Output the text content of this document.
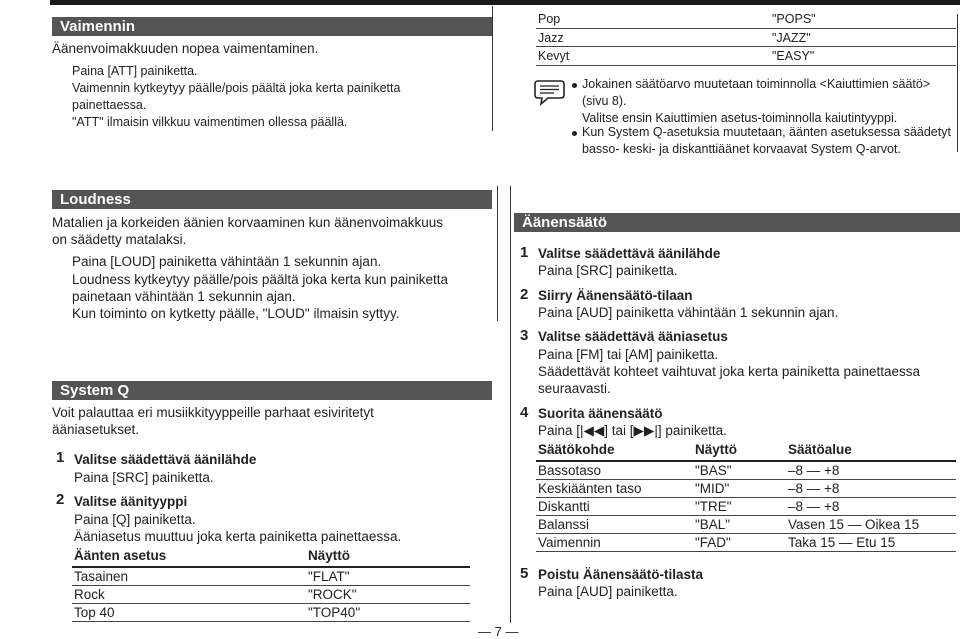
Vaimennin
Äänenvoimakkuuden nopea vaimentaminen.
Paina [ATT] painiketta.
Vaimennin kytkeytyy päälle/pois päältä joka kerta painiketta
painettaessa.
"ATT" ilmaisin vilkkuu vaimentimen ollessa päällä.
Pop	"POPS"
Jazz	"JAZZ"
Kevyt	"EASY"
Jokainen säätöarvo muutetaan toiminnolla <Kaiuttimien säätö>
(sivu 8).
Valitse ensin Kaiuttimien asetus-toiminnolla kaiutintyyppi.
Kun System Q-asetuksia muutetaan, äänten asetuksessa säädetyt
basso- keski- ja diskanttiäänet korvaavat System Q-arvot.
Loudness
Matalien ja korkeiden äänien korvaaminen kun äänenvoimakkuus
on säädetty matalaksi.
Paina [LOUD] painiketta vähintään 1 sekunnin ajan.
Loudness kytkeytyy päälle/pois päältä joka kerta kun painiketta
painetaan vähintään 1 sekunnin ajan.
Kun toiminto on kytketty päälle, "LOUD" ilmaisin syttyy.
System Q
Voit palauttaa eri musiikkityyppeille parhaat esiviritetyt
ääniasetukset.
1 Valitse säädettävä äänilähde
Paina [SRC] painiketta.
2 Valitse äänityyppi
Paina [Q] painiketta.
Ääniasetus muuttuu joka kerta painiketta painettaessa.
Äänten asetus	Näyttö
Tasainen	"FLAT"
Rock	"ROCK"
Top 40	"TOP40"
— 7 —
Äänensäätö
1 Valitse säädettävä äänilähde
Paina [SRC] painiketta.
2 Siirry Äänensäätö-tilaan
Paina [AUD] painiketta vähintään 1 sekunnin ajan.
3 Valitse säädettävä ääniasetus
Paina [FM] tai [AM] painiketta.
Säädettävät kohteet vaihtuvat joka kerta painiketta painettaessa
seuraavasti.
4 Suorita äänensäätö
Paina [|◀◀] tai [▶▶|] painiketta.
Säätökohde	Näyttö	Säätöalue
Bassotaso	"BAS"	–8 — +8
Keskiäänten taso	"MID"	–8 — +8
Diskantti	"TRE"	–8 — +8
Balanssi	"BAL"	Vasen 15 — Oikea 15
Vaimennin	"FAD"	Taka 15 — Etu 15
5 Poistu Äänensäätö-tilasta
Paina [AUD] painiketta.
